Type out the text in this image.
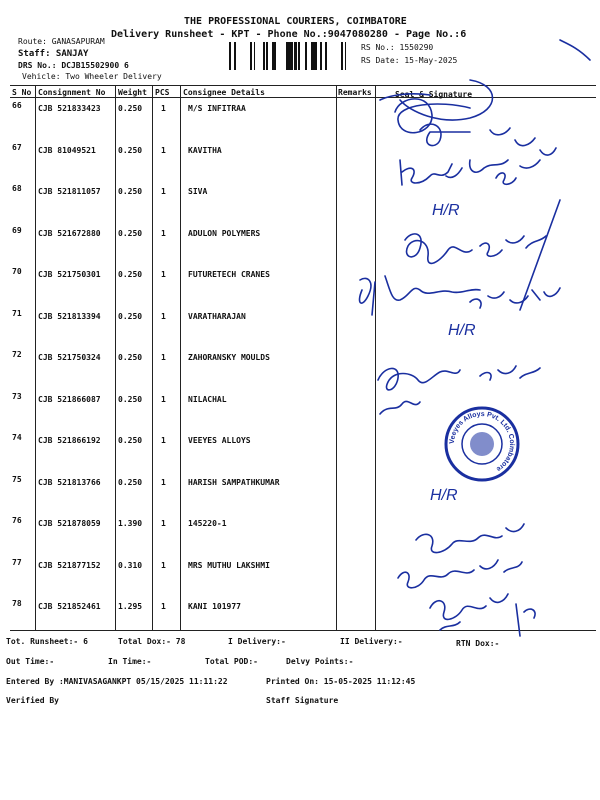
THE PROFESSIONAL COURIERS, COIMBATORE
Delivery Runsheet - KPT - Phone No.:9047080280 - Page No.:6
Route: GANASAPURAM
Staff: SANJAY
DRS No.: DCJB15502900 6
Vehicle: Two Wheeler Delivery
RS No.: 1550290
RS Date: 15-May-2025
S No Consignment No Weight PCS Consignee Details	Remarks	Seal & Signature
66 CJB 521833423 0.250 1	M/S INFITRAA
67 CJB 81049521	0.250 1	KAVITHA
68 CJB 521811057 0.250 1	SIVA
69 CJB 521672880 0.250 1	ADULON POLYMERS
70 CJB 521750301 0.250 1	FUTURETECH CRANES
71 CJB 521813394 0.250 1	VARATHARAJAN
72 CJB 521750324 0.250 1	ZAHORANSKY MOULDS
73 CJB 521866087 0.250 1	NILACHAL
74 CJB 521866192 0.250 1	VEEYES ALLOYS
75 CJB 521813766 0.250 1	HARISH SAMPATHKUMAR
76 CJB 521878059 1.390 1	145220-1
77 CJB 521877152 0.310 1	MRS MUTHU LAKSHMI
78 CJB 521852461 1.295 1	KANI 101977
H/R
H/R
H/R
Veeyes Alloys Pvt. Ltd. Coimbatore
Tot. Runsheet:- 6	Total Dox:- 78	I Delivery:-	II Delivery:-	RTN Dox:-
Out Time:-	In Time:-	Total POD:-	Delvy Points:-
Entered By :MANIVASAGANKPT 05/15/2025 11:11:22	Printed On: 15-05-2025 11:12:45
Verified By	Staff Signature
